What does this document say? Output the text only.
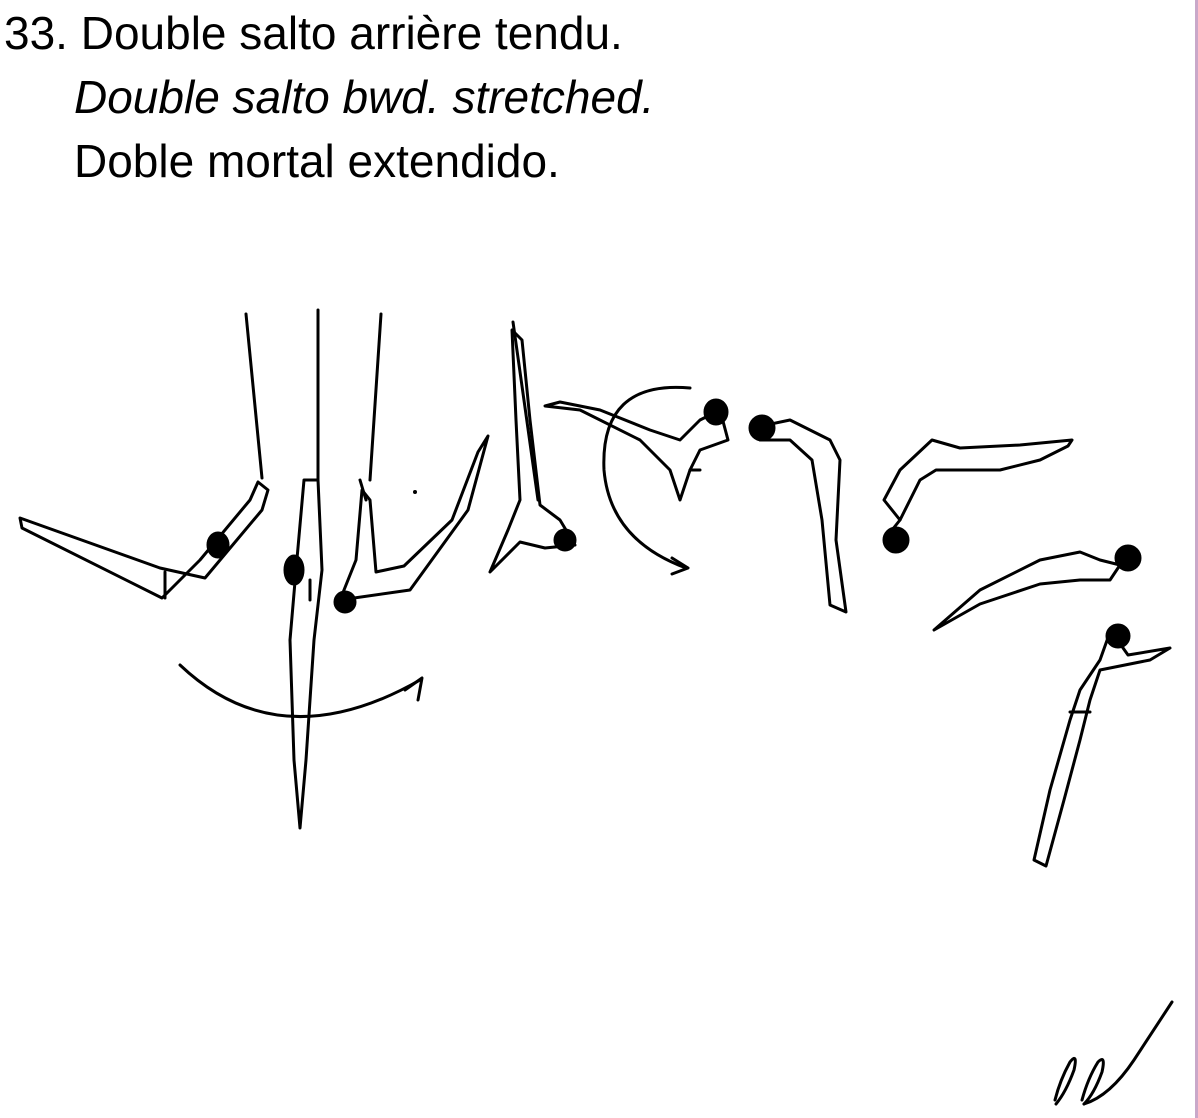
33. Double salto arrière tendu.
Double salto bwd. stretched.
Doble mortal extendido.
